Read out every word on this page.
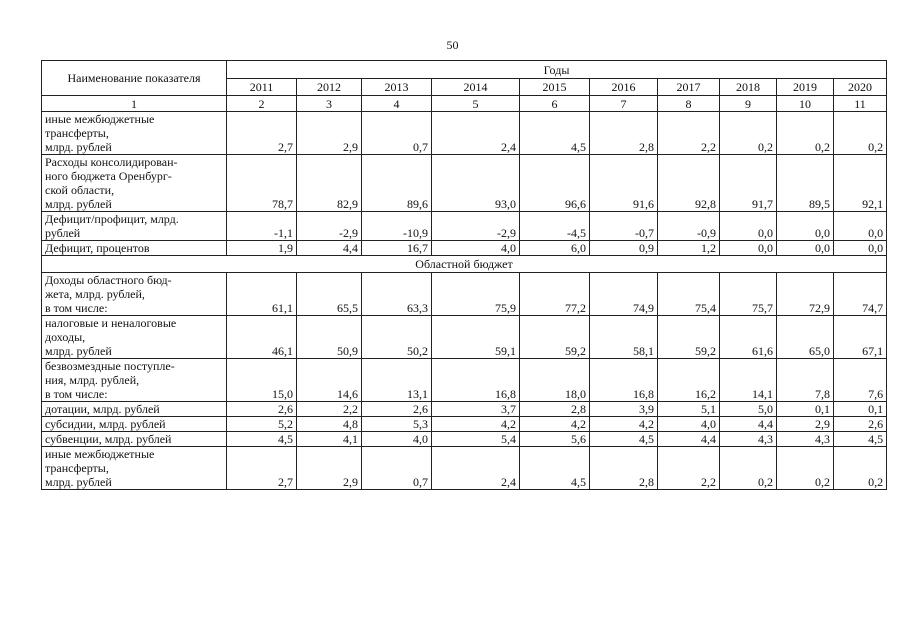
50
Наименование показателя	Годы									
	2011	2012	2013	2014	2015	2016	2017	2018	2019	2020
1	2	3	4	5	6	7	8	9	10	11

иные межбюджетные
трансферты,
млрд. рублей	2,7	2,9	0,7	2,4	4,5	2,8	2,2	0,2	0,2	0,2

Расходы консолидирован-
ного бюджета Оренбург-
ской области,
млрд. рублей	78,7	82,9	89,6	93,0	96,6	91,6	92,8	91,7	89,5	92,1

Дефицит/профицит, млрд.
рублей	-1,1	-2,9	-10,9	-2,9	-4,5	-0,7	-0,9	0,0	0,0	0,0

Дефицит, процентов	1,9	4,4	16,7	4,0	6,0	0,9	1,2	0,0	0,0	0,0
Областной бюджет										

Доходы областного бюд-
жета, млрд. рублей,
в том числе:	61,1	65,5	63,3	75,9	77,2	74,9	75,4	75,7	72,9	74,7

налоговые и неналоговые
доходы,
млрд. рублей	46,1	50,9	50,2	59,1	59,2	58,1	59,2	61,6	65,0	67,1

безвозмездные поступле-
ния, млрд. рублей,
в том числе:	15,0	14,6	13,1	16,8	18,0	16,8	16,2	14,1	7,8	7,6

дотации, млрд. рублей	2,6	2,2	2,6	3,7	2,8	3,9	5,1	5,0	0,1	0,1

субсидии, млрд. рублей	5,2	4,8	5,3	4,2	4,2	4,2	4,0	4,4	2,9	2,6

субвенции, млрд. рублей	4,5	4,1	4,0	5,4	5,6	4,5	4,4	4,3	4,3	4,5

иные межбюджетные
трансферты,
млрд. рублей	2,7	2,9	0,7	2,4	4,5	2,8	2,2	0,2	0,2	0,2
